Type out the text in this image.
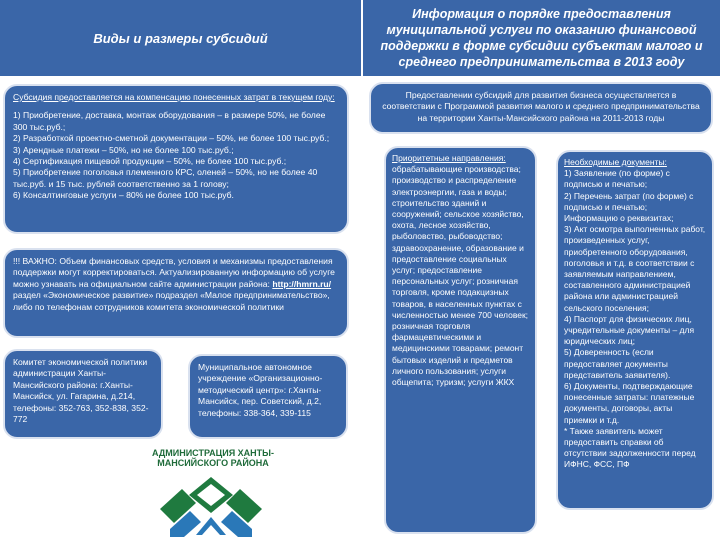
Виды и размеры субсидий
Информация о порядке предоставления муниципальной услуги по оказанию финансовой поддержки в форме субсидии субъектам малого и среднего предпринимательства в 2013 году

Субсидия предоставляется на компенсацию понесенных затрат в текущем году:

1) Приобретение, доставка, монтаж оборудования – в размере 50%, не более 300 тыс.руб.;
2) Разработкой проектно-сметной документации – 50%, не более 100 тыс.руб.;
3) Арендные платежи – 50%, но не более 100 тыс.руб.;
4) Сертификация пищевой продукции – 50%, не более 100 тыс.руб.;
5) Приобретение поголовья племенного КРС, оленей – 50%, но не более 40 тыс.руб. и 15 тыс. рублей соответственно за 1 голову;
6) Консалтинговые услуги – 80% не более 100 тыс.руб.
!!! ВАЖНО: Объем финансовых средств, условия и механизмы предоставления поддержки могут корректироваться. Актуализированную информацию об услуге можно узнавать на официальном сайте администрации района: http://hmrn.ru/ раздел «Экономическое развитие» подраздел «Малое предпринимательство», либо по телефонам сотрудников комитета экономической политики
Комитет экономической политики администрации Ханты-Мансийского района: г.Ханты-Мансийск, ул. Гагарина, д.214, телефоны: 352-763, 352-838, 352-772
Муниципальное автономное учреждение «Организационно-методический центр»: г.Ханты-Мансийск, пер. Советский, д.2, телефоны: 338-364, 339-115
Предоставлении субсидий для развития бизнеса осуществляется в соответствии с Программой развития малого и среднего предпринимательства на территории Ханты-Мансийского района на 2011-2013 годы
Приоритетные направления:
обрабатывающие производства; производство и распределение электроэнергии, газа и воды; строительство зданий и сооружений; сельское хозяйство, охота, лесное хозяйство, рыболовство, рыбоводство; здравоохранение, образование и предоставление социальных услуг; предоставление персональных услуг; розничная торговля, кроме подакцизных товаров, в населенных пунктах с численностью менее 700 человек; розничная торговля фармацевтическими и медицинскими товарами; ремонт бытовых изделий и предметов личного пользования; услуги общепита; туризм; услуги ЖКХ
Необходимые документы:
1) Заявление (по форме) с подписью и печатью;
2) Перечень затрат (по форме) с подписью и печатью;
Информацию о реквизитах;
3) Акт осмотра выполненных работ, произведенных услуг, приобретенного оборудования, поголовья и т.д. в соответствии с заявляемым направлением, составленного администрацией района или администрацией сельского поселения;
4) Паспорт для физических лиц, учредительные документы – для юридических лиц;
5) Доверенность (если предоставляет документы представитель заявителя).
6) Документы, подтверждающие понесенные затраты: платежные документы, договоры, акты приемки и т.д.
* Также заявитель может предоставить справки об отсутствии задолженности перед ИФНС, ФСС, ПФ
АДМИНИСТРАЦИЯ ХАНТЫ-МАНСИЙСКОГО РАЙОНА
